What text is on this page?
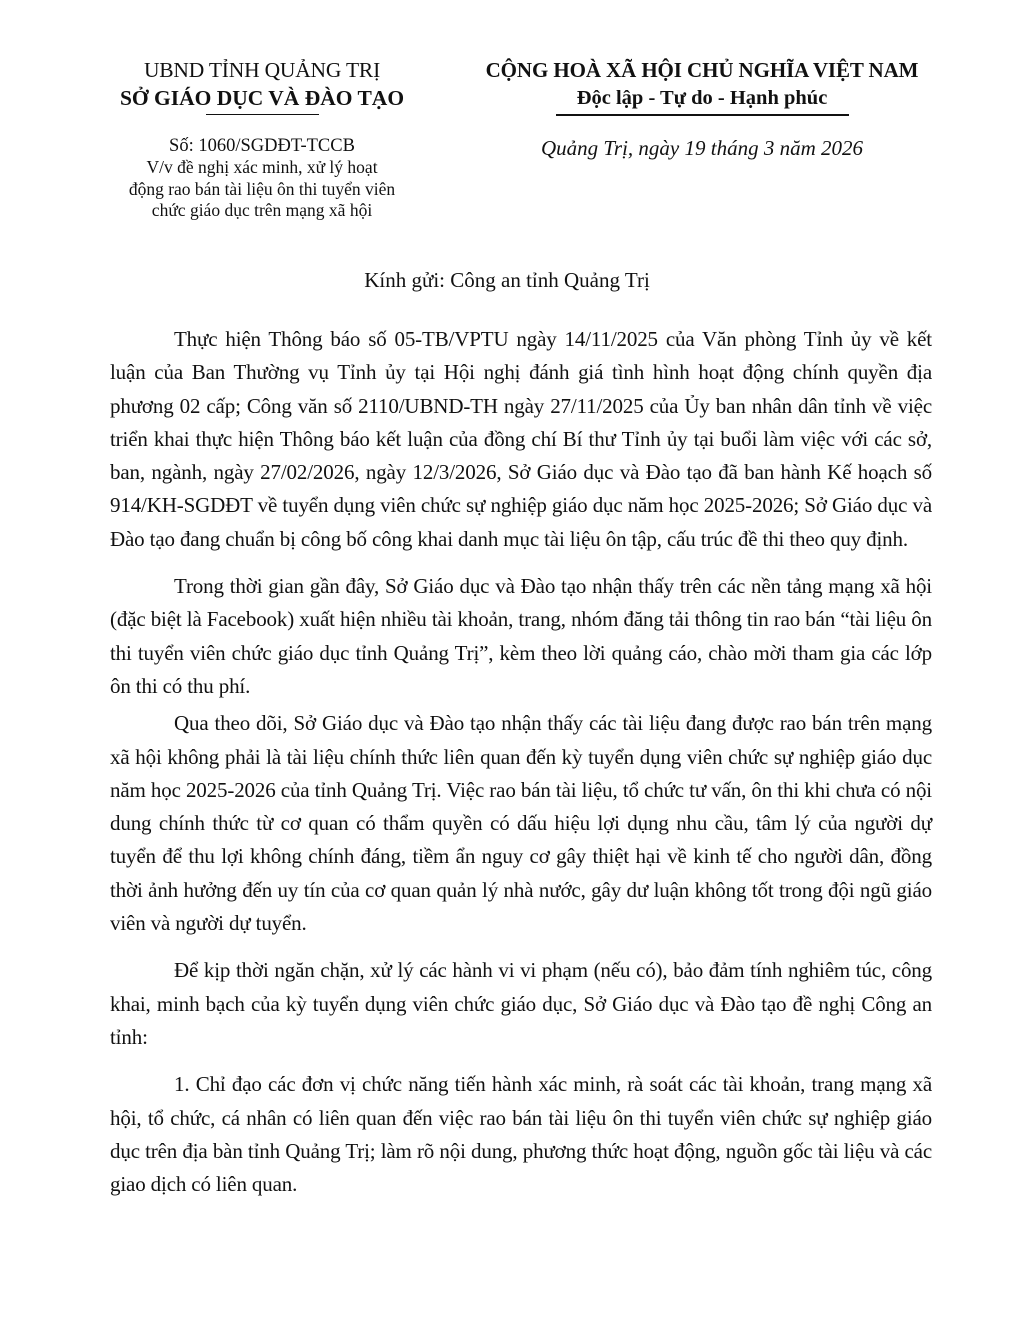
UBND TỈNH QUẢNG TRỊ
SỞ GIÁO DỤC VÀ ĐÀO TẠO
Số: 1060/SGDĐT-TCCB
V/v đề nghị xác minh, xử lý hoạt
động rao bán tài liệu ôn thi tuyển viên
chức giáo dục trên mạng xã hội
CỘNG HOÀ XÃ HỘI CHỦ NGHĨA VIỆT NAM
Độc lập - Tự do - Hạnh phúc
Quảng Trị, ngày 19 tháng 3 năm 2026
Kính gửi: Công an tỉnh Quảng Trị

Thực hiện Thông báo số 05-TB/VPTU ngày 14/11/2025 của Văn phòng Tỉnh ủy về kết luận của Ban Thường vụ Tỉnh ủy tại Hội nghị đánh giá tình hình hoạt động chính quyền địa phương 02 cấp; Công văn số 2110/UBND-TH ngày 27/11/2025 của Ủy ban nhân dân tỉnh về việc triển khai thực hiện Thông báo kết luận của đồng chí Bí thư Tỉnh ủy tại buổi làm việc với các sở, ban, ngành, ngày 27/02/2026, ngày 12/3/2026, Sở Giáo dục và Đào tạo đã ban hành Kế hoạch số 914/KH-SGDĐT về tuyển dụng viên chức sự nghiệp giáo dục năm học 2025-2026; Sở Giáo dục và Đào tạo đang chuẩn bị công bố công khai danh mục tài liệu ôn tập, cấu trúc đề thi theo quy định.

Trong thời gian gần đây, Sở Giáo dục và Đào tạo nhận thấy trên các nền tảng mạng xã hội (đặc biệt là Facebook) xuất hiện nhiều tài khoản, trang, nhóm đăng tải thông tin rao bán “tài liệu ôn thi tuyển viên chức giáo dục tỉnh Quảng Trị”, kèm theo lời quảng cáo, chào mời tham gia các lớp ôn thi có thu phí.

Qua theo dõi, Sở Giáo dục và Đào tạo nhận thấy các tài liệu đang được rao bán trên mạng xã hội không phải là tài liệu chính thức liên quan đến kỳ tuyển dụng viên chức sự nghiệp giáo dục năm học 2025-2026 của tỉnh Quảng Trị. Việc rao bán tài liệu, tổ chức tư vấn, ôn thi khi chưa có nội dung chính thức từ cơ quan có thẩm quyền có dấu hiệu lợi dụng nhu cầu, tâm lý của người dự tuyển để thu lợi không chính đáng, tiềm ẩn nguy cơ gây thiệt hại về kinh tế cho người dân, đồng thời ảnh hưởng đến uy tín của cơ quan quản lý nhà nước, gây dư luận không tốt trong đội ngũ giáo viên và người dự tuyển.

Để kịp thời ngăn chặn, xử lý các hành vi vi phạm (nếu có), bảo đảm tính nghiêm túc, công khai, minh bạch của kỳ tuyển dụng viên chức giáo dục, Sở Giáo dục và Đào tạo đề nghị Công an tỉnh:

1. Chỉ đạo các đơn vị chức năng tiến hành xác minh, rà soát các tài khoản, trang mạng xã hội, tổ chức, cá nhân có liên quan đến việc rao bán tài liệu ôn thi tuyển viên chức sự nghiệp giáo dục trên địa bàn tỉnh Quảng Trị; làm rõ nội dung, phương thức hoạt động, nguồn gốc tài liệu và các giao dịch có liên quan.
